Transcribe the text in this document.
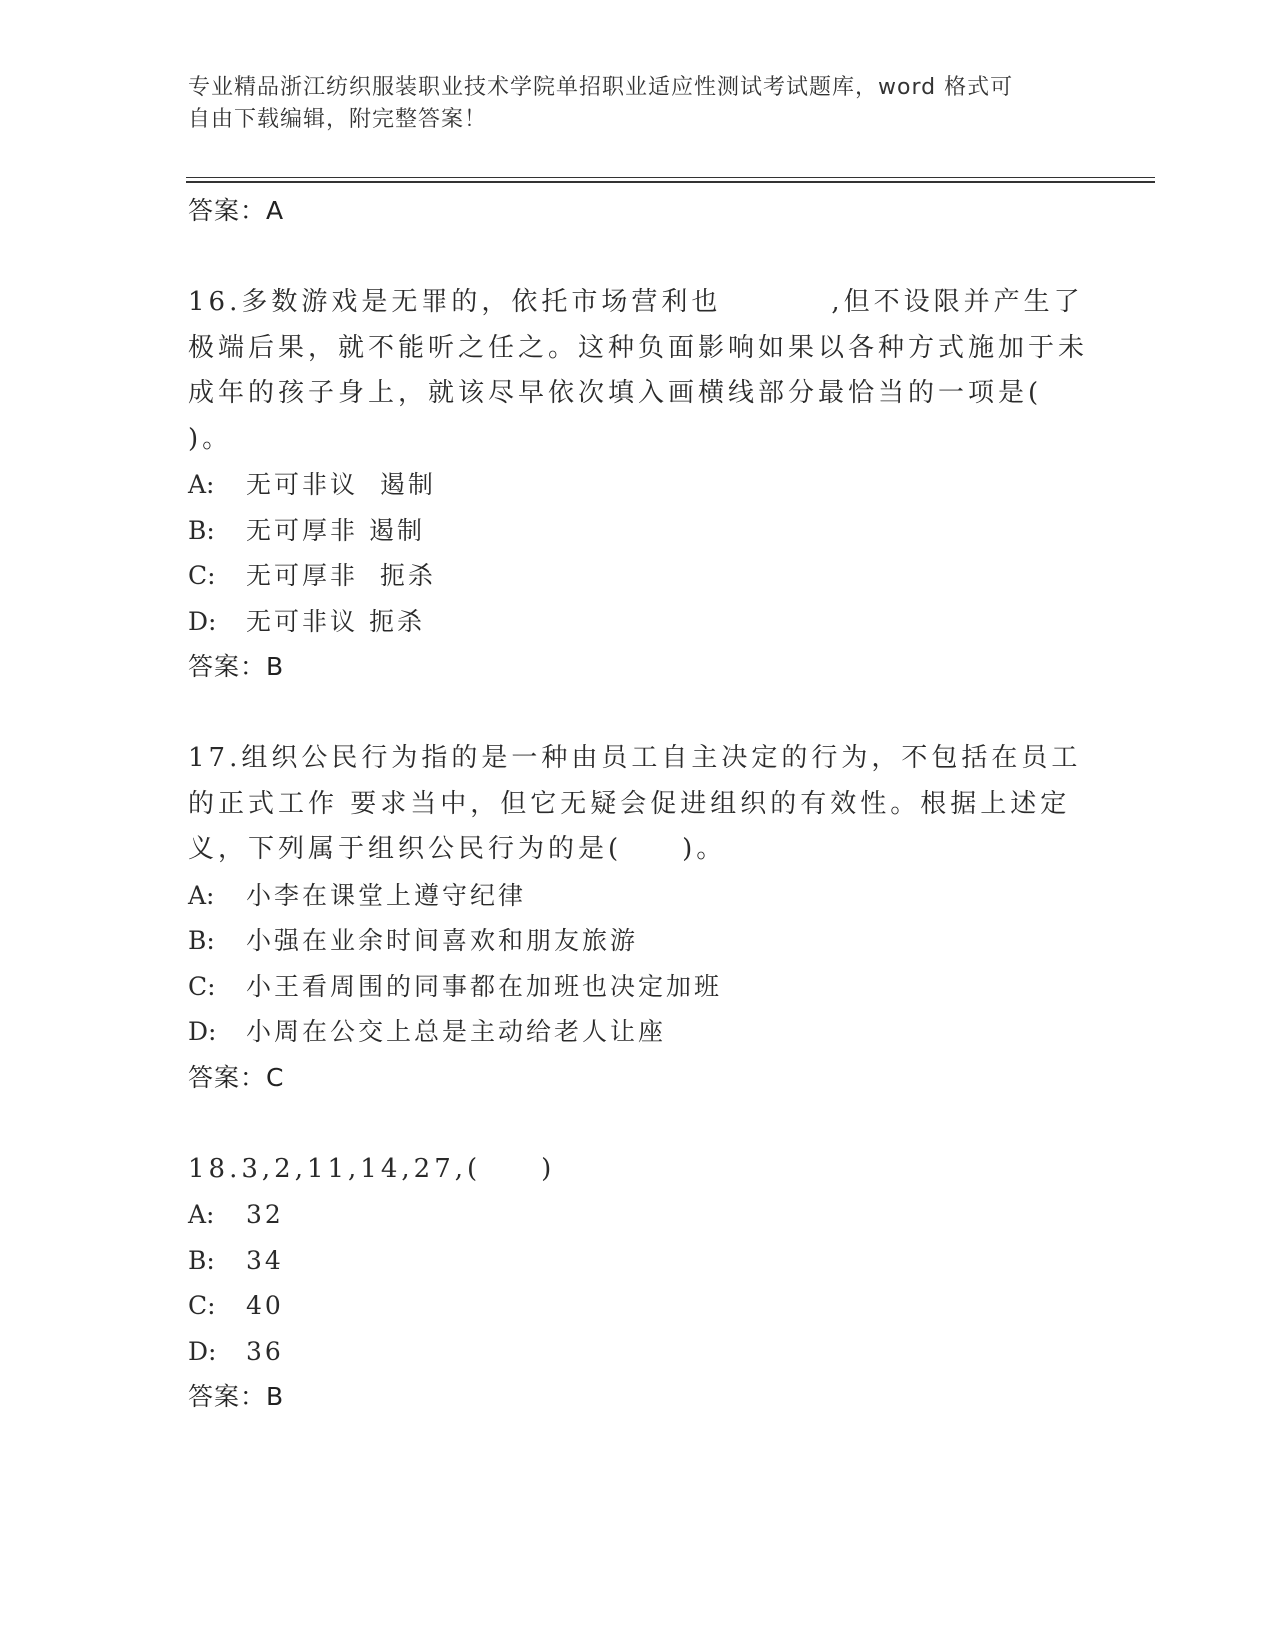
专业精品浙江纺织服装职业技术学院单招职业适应性测试考试题库，word 格式可
自由下载编辑，附完整答案！
答案：A
16.多数游戏是无罪的，依托市场营利也	,但不设限并产生了极端后果，就不能听之任之。这种负面影响如果以各种方式施加于未成年的孩子身上，就该尽早依次填入画横线部分最恰当的一项是(
)。
A: 无可非议  遏制
B: 无可厚非 遏制
C: 无可厚非  扼杀
D: 无可非议 扼杀
答案：B
17.组织公民行为指的是一种由员工自主决定的行为，不包括在员工的正式工作 要求当中，但它无疑会促进组织的有效性。根据上述定义，下列属于组织公民行为的是(　　)。
A: 小李在课堂上遵守纪律
B: 小强在业余时间喜欢和朋友旅游
C: 小王看周围的同事都在加班也决定加班
D: 小周在公交上总是主动给老人让座
答案：C
18.3,2,11,14,27,(　　)
A: 32
B: 34
C: 40
D: 36
答案：B
